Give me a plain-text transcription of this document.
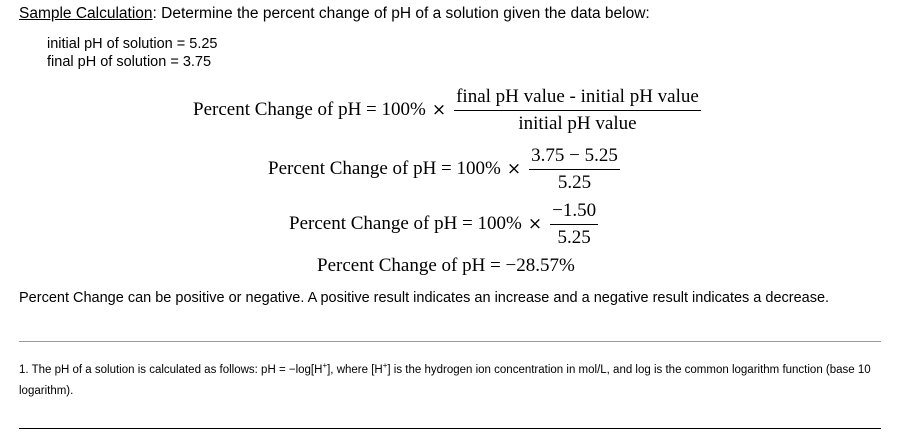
Sample Calculation: Determine the percent change of pH of a solution given the data below:
initial pH of solution = 5.25
final pH of solution = 3.75
Percent Change of pH = $100\% \times \frac{\text{final pH value - initial pH value}}{\text{initial pH value}}$
Percent Change of pH = $100\% \times \frac{3.75 - 5.25}{5.25}$
Percent Change of pH = $100\% \times \frac{-1.50}{5.25}$
Percent Change of pH = −28.57%
Percent Change can be positive or negative. A positive result indicates an increase and a negative result indicates a decrease.
1. The pH of a solution is calculated as follows: pH = −log[H+], where [H+] is the hydrogen ion concentration in mol/L, and log is the common logarithm function (base 10 logarithm).
